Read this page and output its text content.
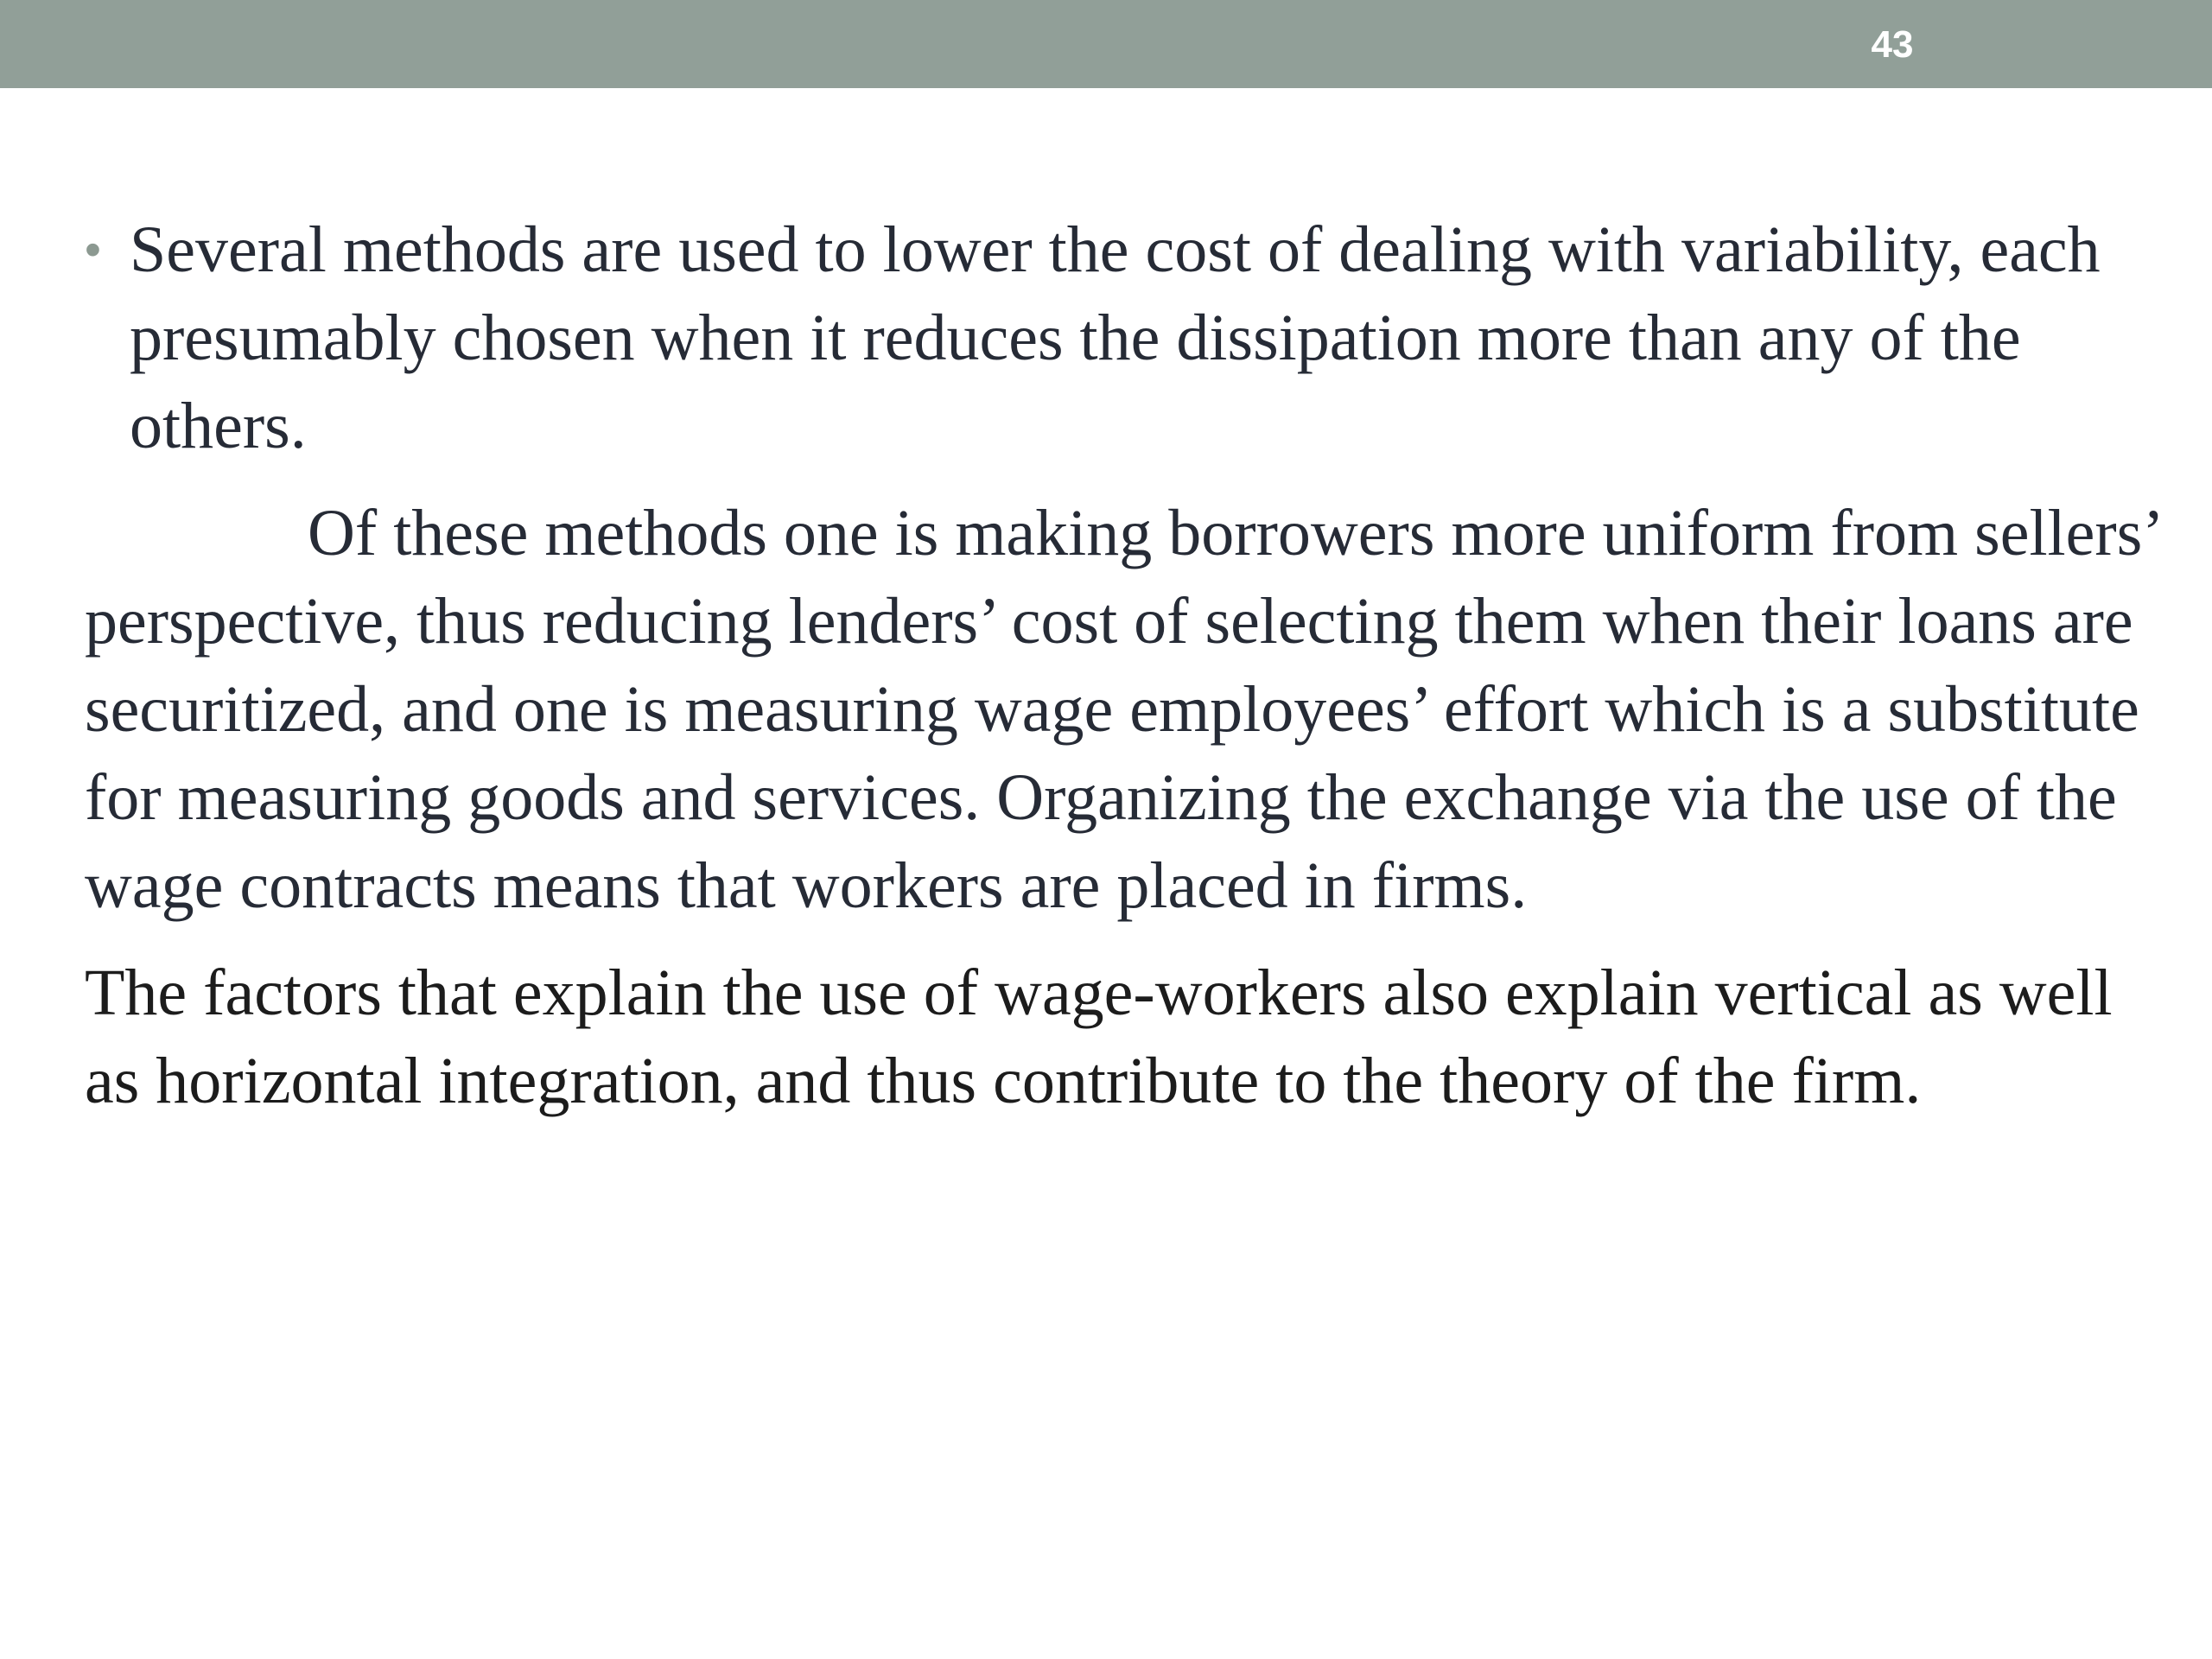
43
• Several methods are used to lower the cost of dealing with variability, each presumably chosen when it reduces the dissipation more than any of the others.

Of these methods one is making borrowers more uniform from sellers’ perspective, thus reducing lenders’ cost of selecting them when their loans are securitized, and one is measuring wage employees’ effort which is a substitute for measuring goods and services. Organizing the exchange via the use of the wage contracts means that workers are placed in firms.

The factors that explain the use of wage-workers also explain vertical as well as horizontal integration, and thus contribute to the theory of the firm.
